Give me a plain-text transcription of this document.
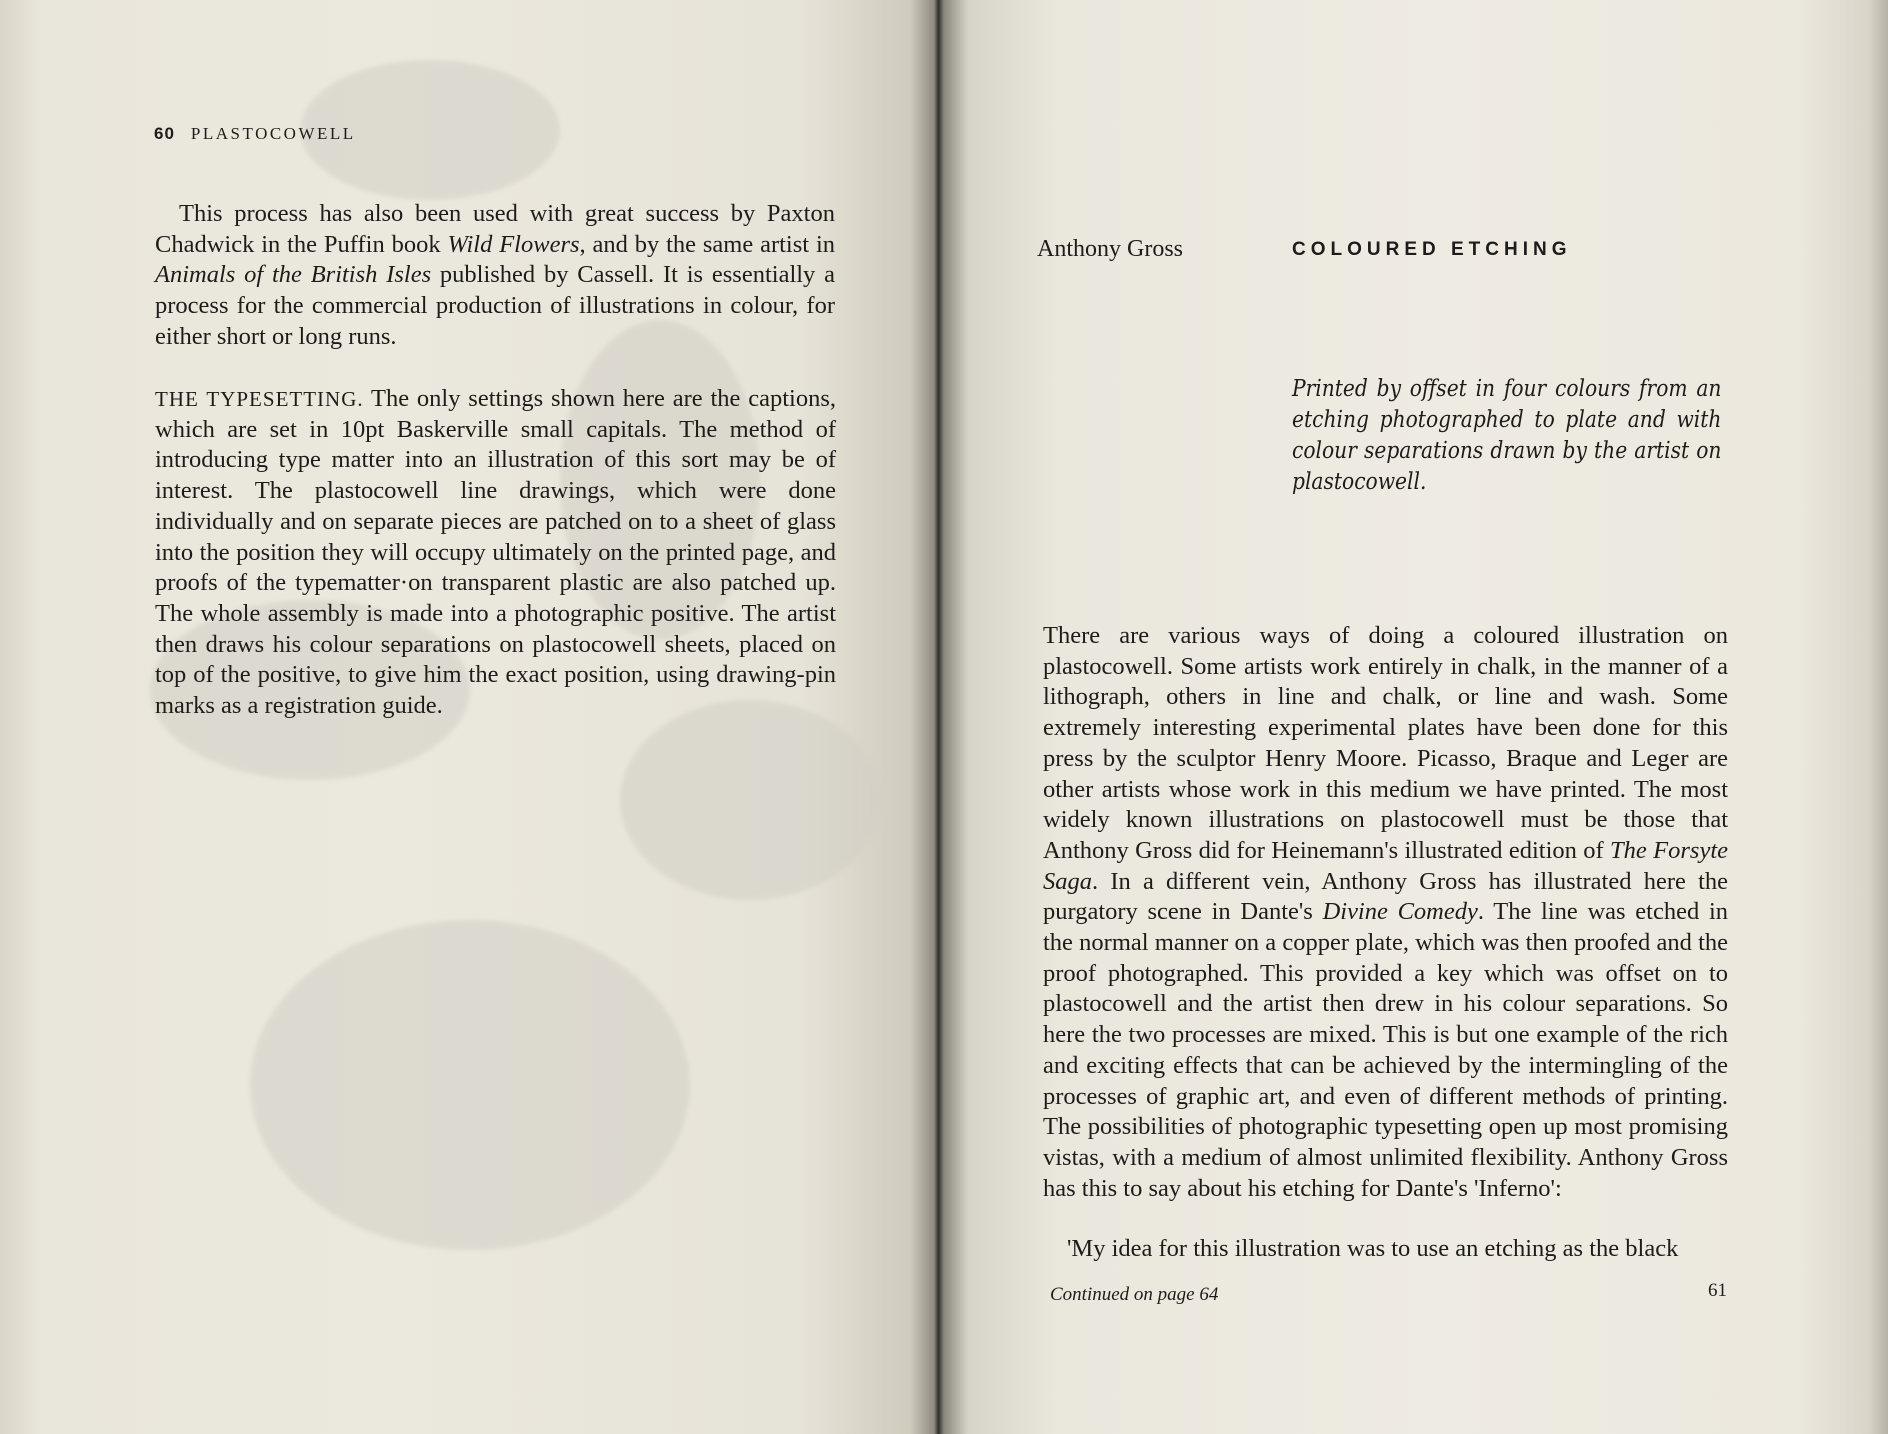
60 PLASTOCOWELL

This process has also been used with great success by Paxton Chadwick in the Puffin book Wild Flowers, and by the same artist in Animals of the British Isles published by Cassell. It is essentially a process for the commercial production of illustrations in colour, for either short or long runs.

THE TYPESETTING. The only settings shown here are the captions, which are set in 10pt Baskerville small capitals. The method of introducing type matter into an illustration of this sort may be of interest. The plastocowell line drawings, which were done individually and on separate pieces are patched on to a sheet of glass into the position they will occupy ultimately on the printed page, and proofs of the typematter·on transparent plastic are also patched up. The whole assembly is made into a photographic positive. The artist then draws his colour separations on plastocowell sheets, placed on top of the positive, to give him the exact position, using drawing-pin marks as a registration guide.

Anthony Gross	COLOURED ETCHING
Printed by offset in four colours from an etching photographed to plate and with colour separations drawn by the artist on plastocowell.

There are various ways of doing a coloured illustration on plastocowell. Some artists work entirely in chalk, in the manner of a lithograph, others in line and chalk, or line and wash. Some extremely interesting experimental plates have been done for this press by the sculptor Henry Moore. Picasso, Braque and Leger are other artists whose work in this medium we have printed. The most widely known illustrations on plastocowell must be those that Anthony Gross did for Heinemann's illustrated edition of The Forsyte Saga. In a different vein, Anthony Gross has illustrated here the purgatory scene in Dante's Divine Comedy. The line was etched in the normal manner on a copper plate, which was then proofed and the proof photographed. This provided a key which was offset on to plastocowell and the artist then drew in his colour separations. So here the two processes are mixed. This is but one example of the rich and exciting effects that can be achieved by the intermingling of the processes of graphic art, and even of different methods of printing. The possibilities of photographic typesetting open up most promising vistas, with a medium of almost unlimited flexibility. Anthony Gross has this to say about his etching for Dante's 'Inferno':

'My idea for this illustration was to use an etching as the black

Continued on page 64	61
